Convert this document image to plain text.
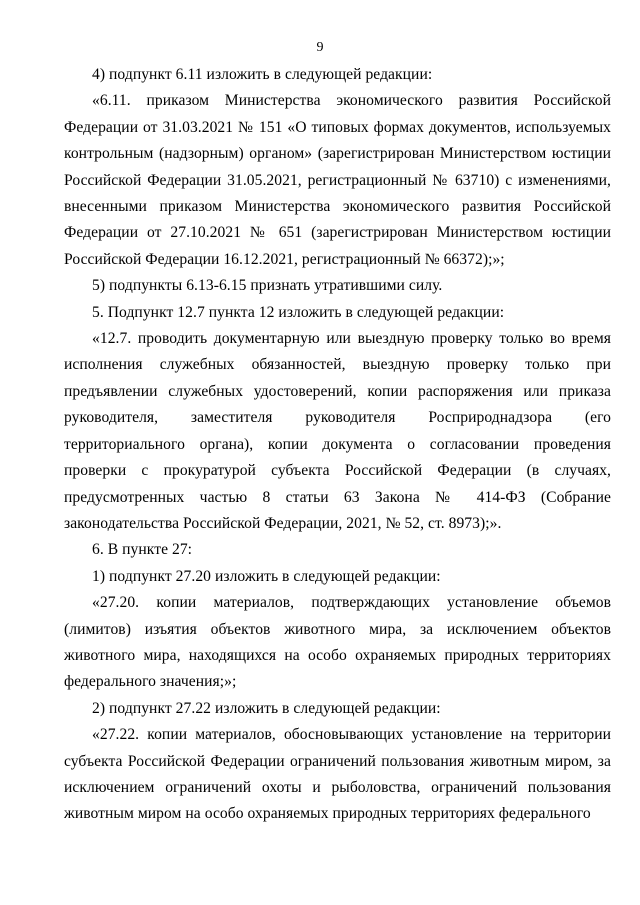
9

4) подпункт 6.11 изложить в следующей редакции:

«6.11. приказом Министерства экономического развития Российской Федерации от 31.03.2021 № 151 «О типовых формах документов, используемых контрольным (надзорным) органом» (зарегистрирован Министерством юстиции Российской Федерации 31.05.2021, регистрационный № 63710) с изменениями, внесенными приказом Министерства экономического развития Российской Федерации от 27.10.2021 № 651 (зарегистрирован Министерством юстиции Российской Федерации 16.12.2021, регистрационный № 66372);»;

5) подпункты 6.13-6.15 признать утратившими силу.

5. Подпункт 12.7 пункта 12 изложить в следующей редакции:

«12.7. проводить документарную или выездную проверку только во время исполнения служебных обязанностей, выездную проверку только при предъявлении служебных удостоверений, копии распоряжения или приказа руководителя, заместителя руководителя Росприроднадзора (его территориального органа), копии документа о согласовании проведения проверки с прокуратурой субъекта Российской Федерации (в случаях, предусмотренных частью 8 статьи 63 Закона № 414-ФЗ (Собрание законодательства Российской Федерации, 2021, № 52, ст. 8973);».

6. В пункте 27:

1) подпункт 27.20 изложить в следующей редакции:

«27.20. копии материалов, подтверждающих установление объемов (лимитов) изъятия объектов животного мира, за исключением объектов животного мира, находящихся на особо охраняемых природных территориях федерального значения;»;

2) подпункт 27.22 изложить в следующей редакции:

«27.22. копии материалов, обосновывающих установление на территории субъекта Российской Федерации ограничений пользования животным миром, за исключением ограничений охоты и рыболовства, ограничений пользования животным миром на особо охраняемых природных территориях федерального
